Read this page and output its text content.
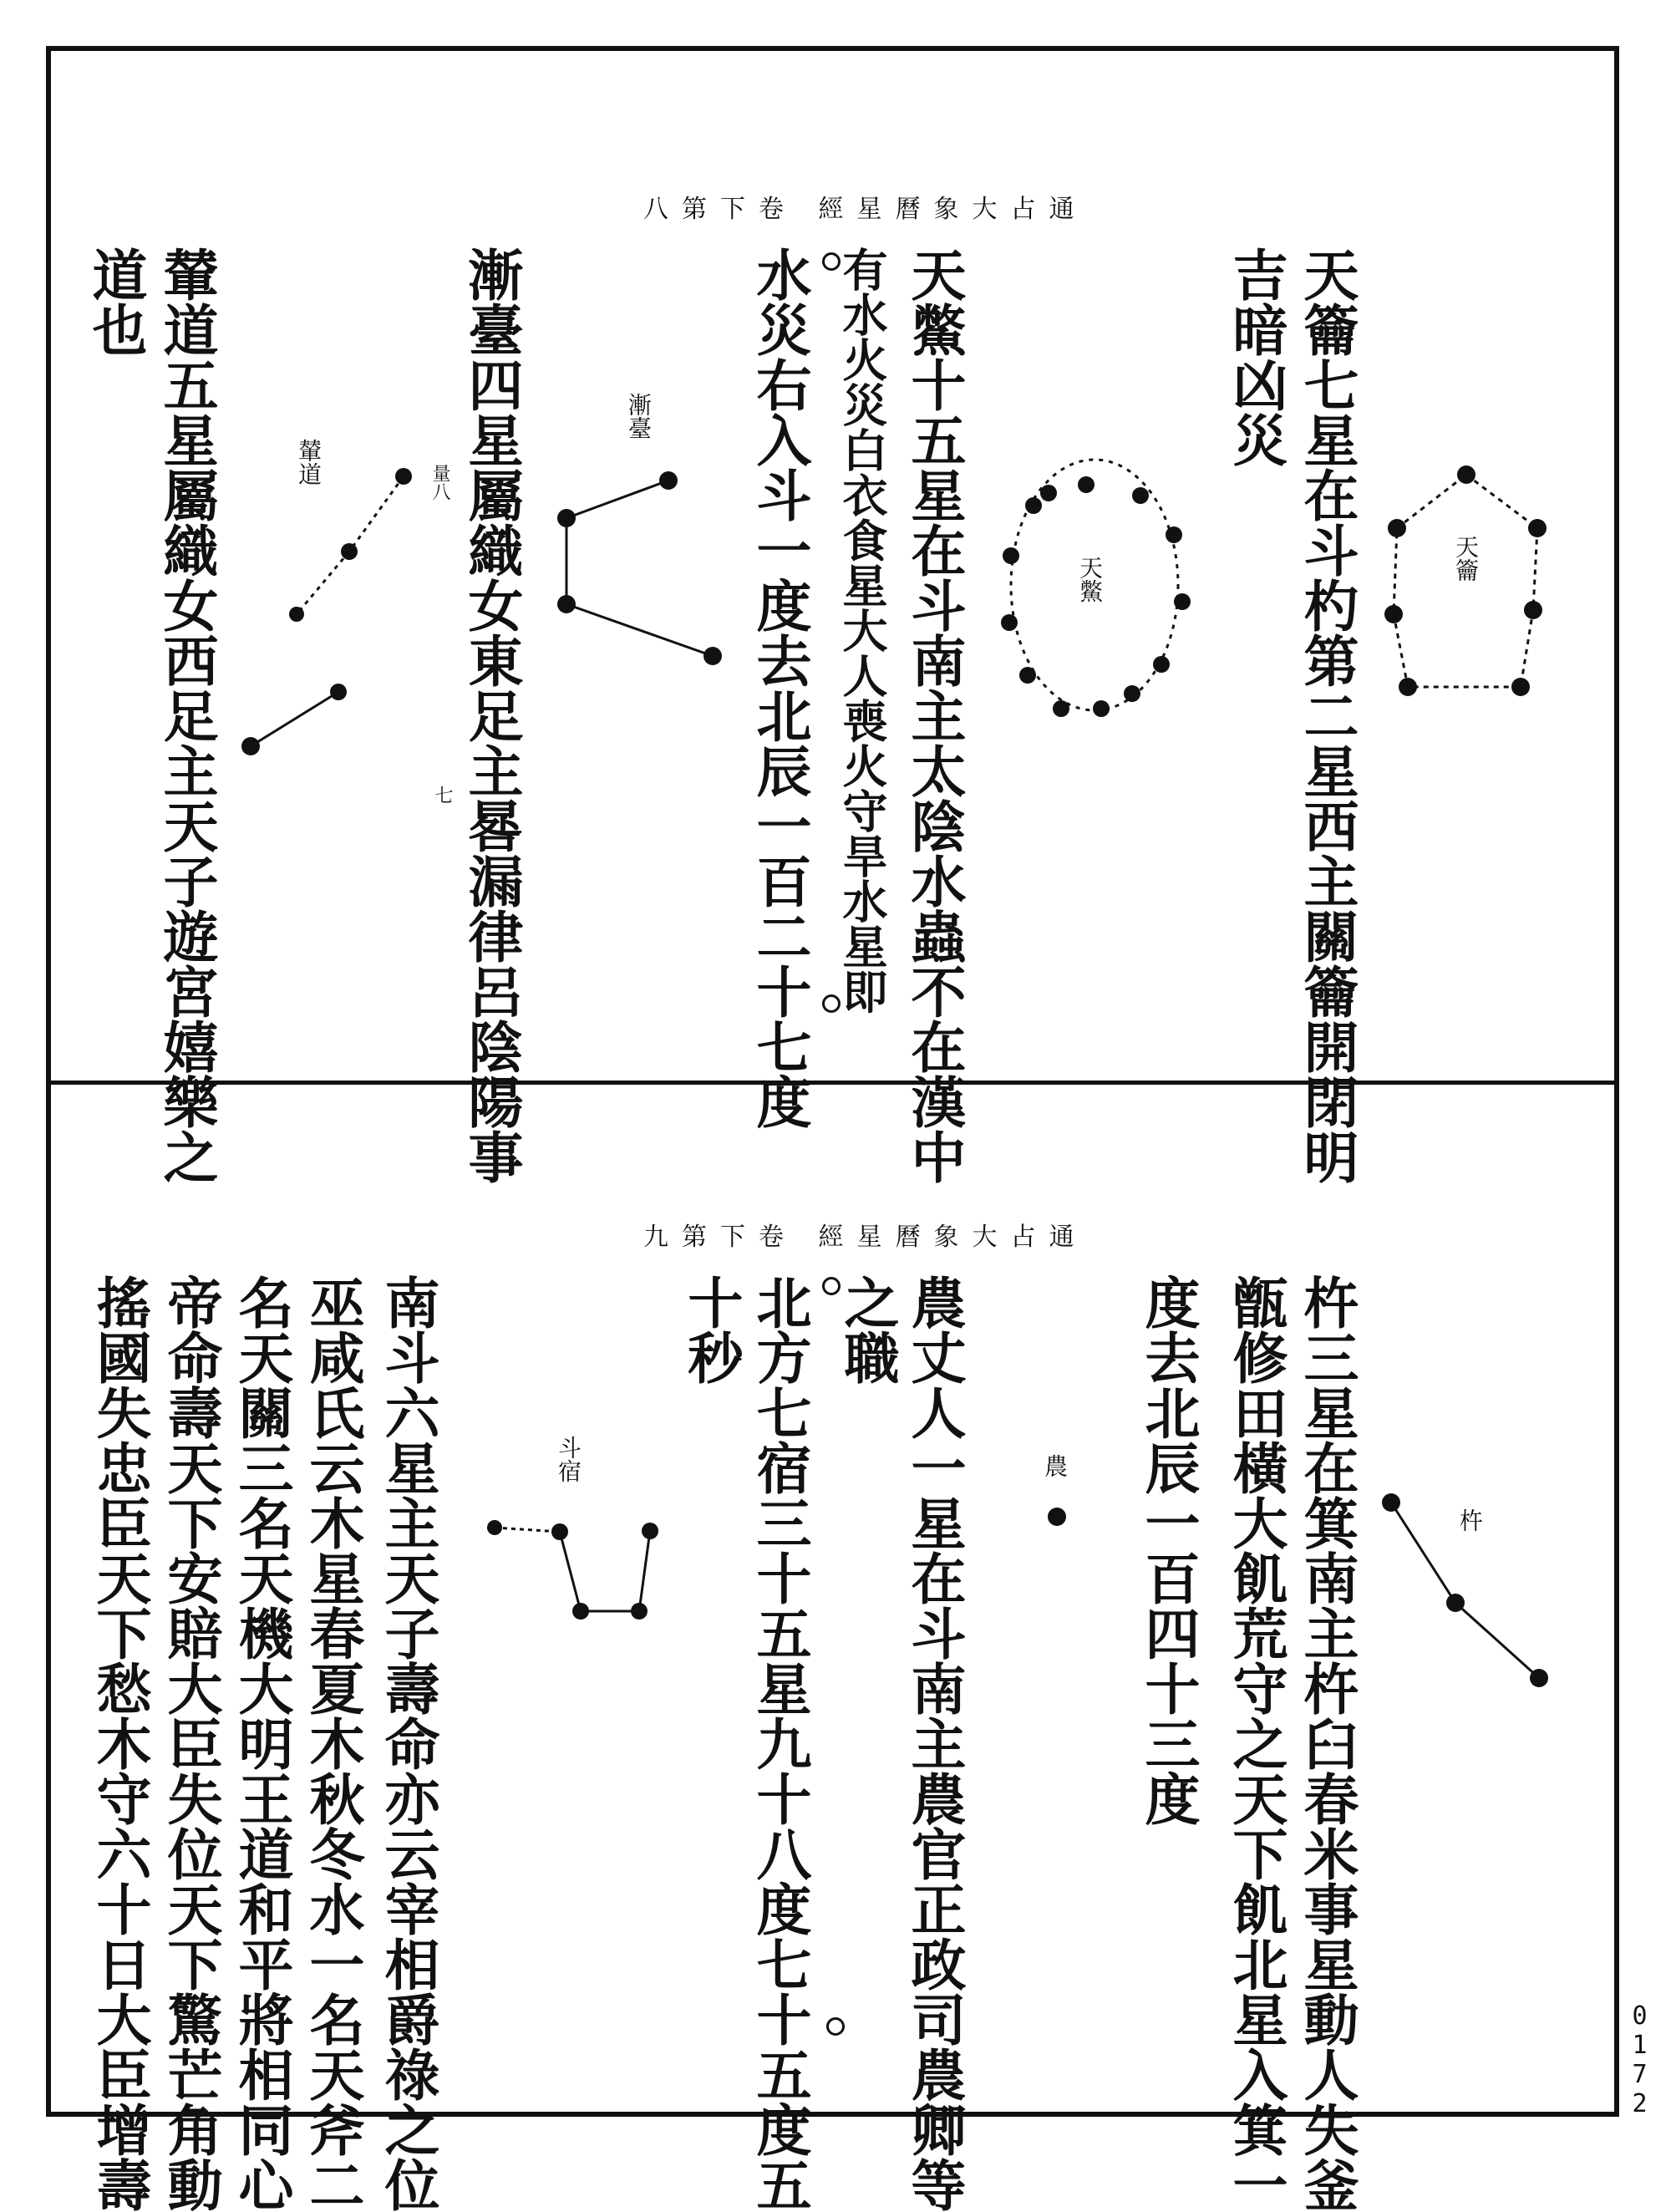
通占大象曆星經 卷下第八
天籥七星在斗杓第二星西主關籥開閉明
吉暗凶災
天鱉十五星在斗南主太陰水蟲不在漢中
有水火災白衣食星大人喪火守旱水星即
水災右入斗一度去北辰一百二十七度
漸臺四星屬織女東足主晷漏律呂陰陽事
輦道五星屬織女西足主天子遊宮嬉樂之
道也
天籥
天鱉
漸臺
輦道	量八
七
通占大象曆星經 卷下第九
杵三星在箕南主杵臼春米事星動人失釜
甑修田橫大飢荒守之天下飢北星入箕一
度去北辰一百四十三度
農丈人一星在斗南主農官正政司農卿等
之職
北方七宿三十五星九十八度七十五度五
十秒
南斗六星主天子壽命亦云宰相爵祿之位
巫咸氏云木星春夏木秋冬水一名天斧二
名天關三名天機大明王道和平將相同心
帝命壽天下安賠大臣失位天下驚芒角動
搖國失忠臣天下愁木守六十日大臣增壽	杵
農
斗宿
0172
